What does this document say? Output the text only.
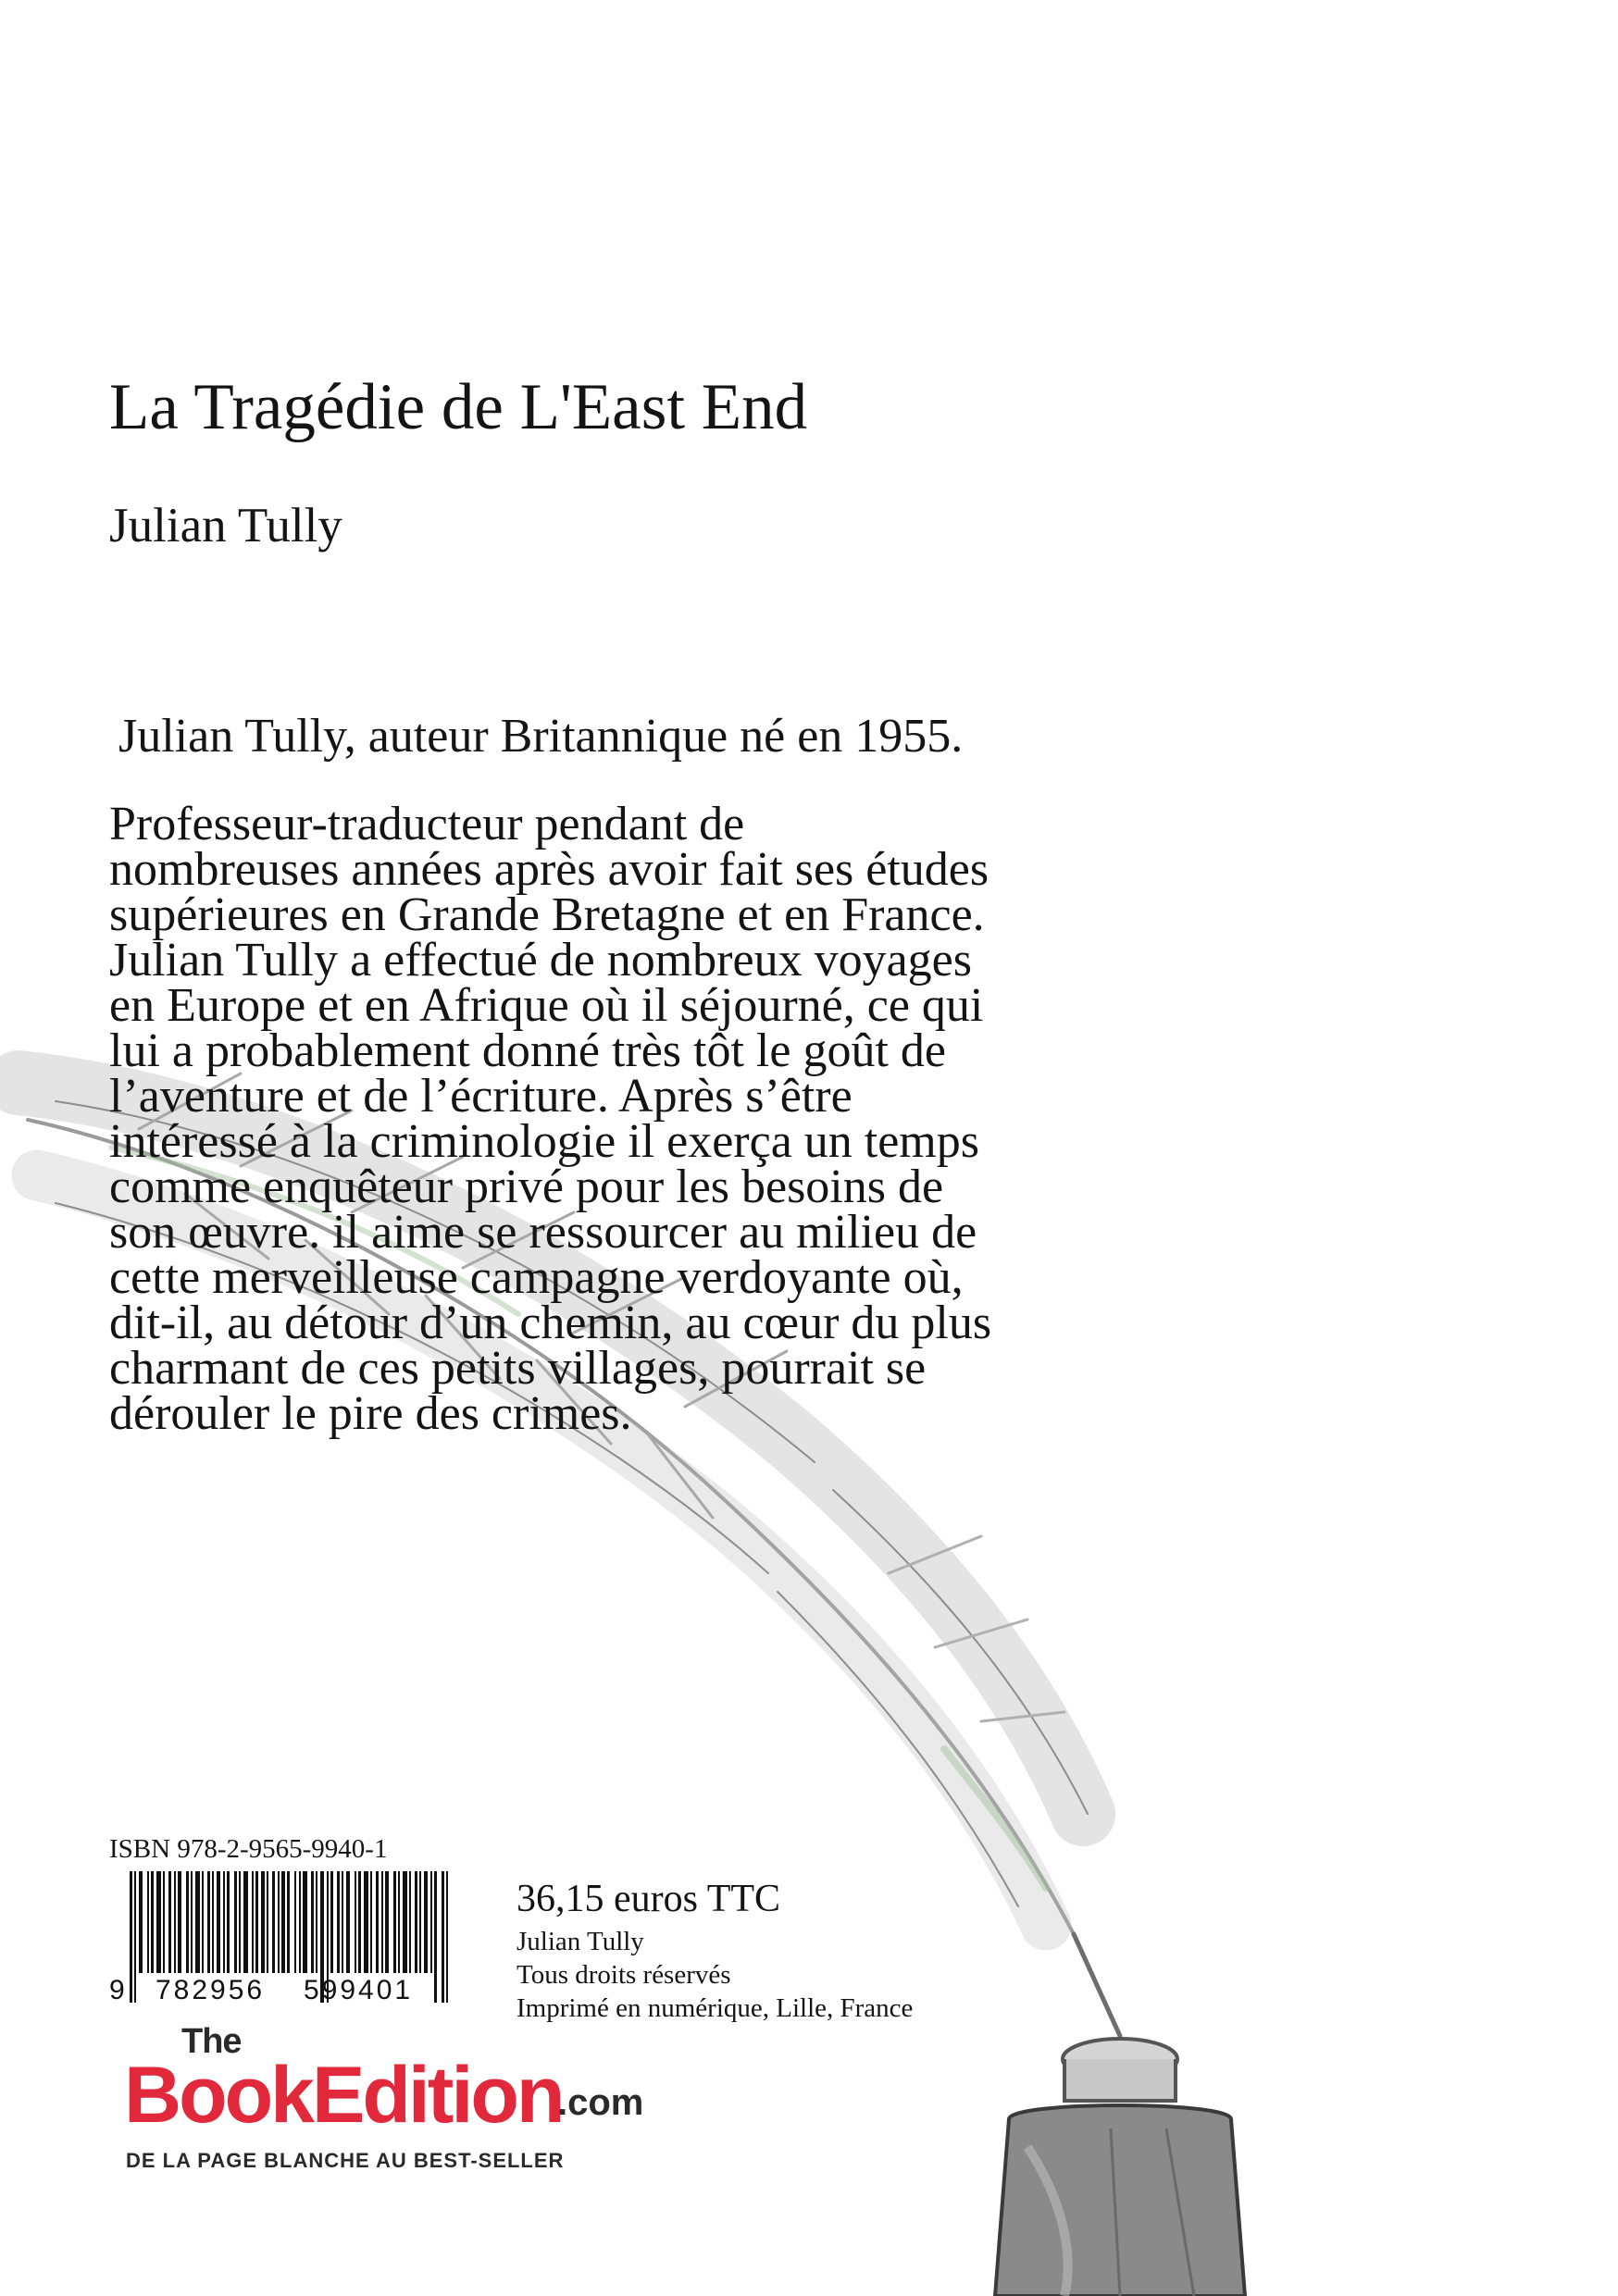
La Tragédie de L'East End
Julian Tully
Julian Tully, auteur Britannique né en 1955.

Professeur-traducteur pendant de
nombreuses années après avoir fait ses études
supérieures en Grande Bretagne et en France.
Julian Tully a effectué de nombreux voyages
en Europe et en Afrique où il séjourné, ce qui
lui a probablement donné très tôt le goût de
l’aventure et de l’écriture. Après s’être
intéressé à la criminologie il exerça un temps
comme enquêteur privé pour les besoins de
son œuvre. il aime se ressourcer au milieu de
cette merveilleuse campagne verdoyante où,
dit-il, au détour d’un chemin, au cœur du plus
charmant de ces petits villages, pourrait se
dérouler le pire des crimes.

ISBN 978-2-9565-9940-1
9 782956 599401
36,15 euros TTC
Julian Tully
Tous droits réservés
Imprimé en numérique, Lille, France
The
BookEdition
.com
DE LA PAGE BLANCHE AU BEST-SELLER
